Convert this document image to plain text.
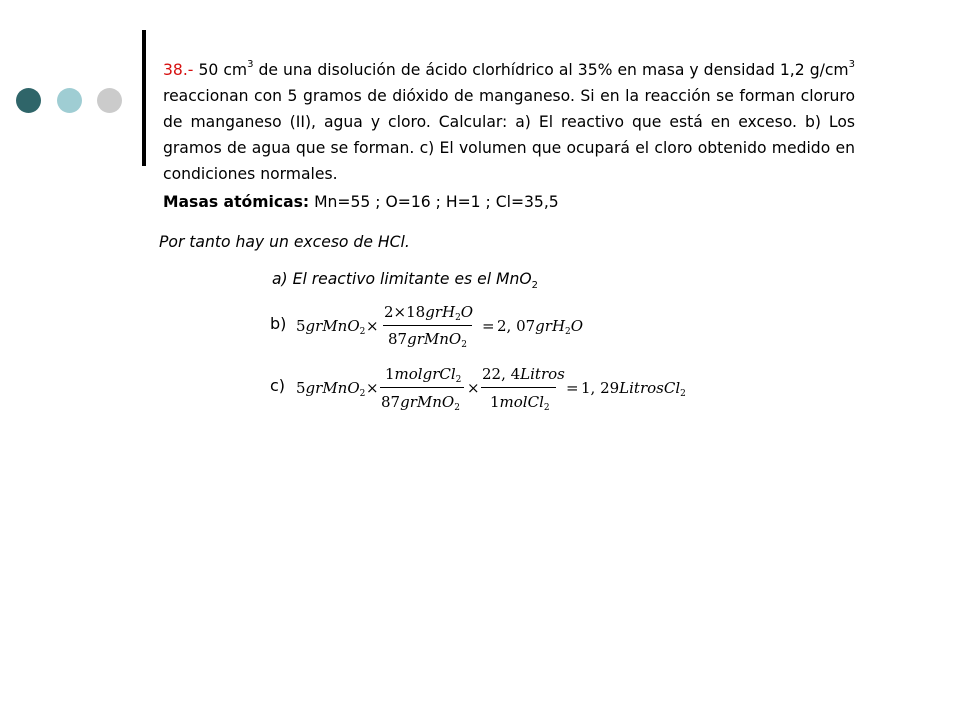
38.- 50 $cm^3$ de una disolución de ácido clorhídrico al 35% en masa y densidad 1,2 $g/cm^3$ reaccionan con 5 gramos de dióxido de manganeso. Si en la reacción se forman cloruro de manganeso (II), agua y cloro. Calcular: a) El reactivo que está en exceso. b) Los gramos de agua que se forman. c) El volumen que ocupará el cloro obtenido medido en condiciones normales.
Masas atómicas: Mn=55 ; O=16 ; H=1 ; Cl=35,5
Por tanto hay un exceso de HCl.
a) El reactivo limitante es el MnO$_2$
b) 5grMnO$_2$ ×
2×18grH$_2$O
87grMnO$_2$
= 2, 07grH$_2$O
c) 5grMnO$_2$ ×
1molgrCl$_2$
87grMnO$_2$
×
22, 4Litros
1molCl$_2$
= 1, 29LitrosCl$_2$
